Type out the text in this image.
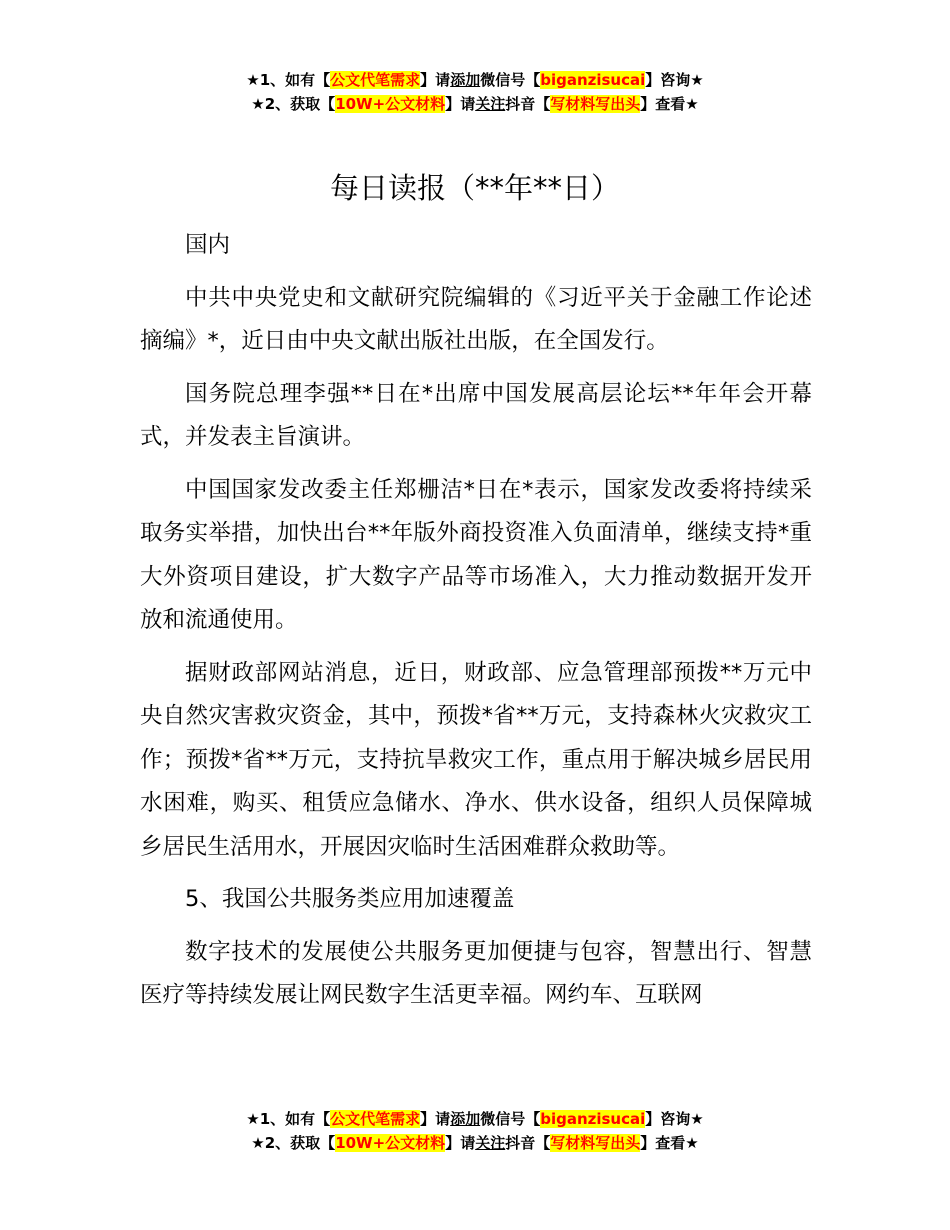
★1、如有【公文代笔需求】请添加微信号【biganzisucai】咨询★
★2、获取【10W+公文材料】请关注抖音【写材料写出头】查看★
每日读报（**年**日）

国内

中共中央党史和文献研究院编辑的《习近平关于金融工作论述摘编》*，近日由中央文献出版社出版，在全国发行。

国务院总理李强**日在*出席中国发展高层论坛**年年会开幕式，并发表主旨演讲。

中国国家发改委主任郑栅洁*日在*表示，国家发改委将持续采取务实举措，加快出台**年版外商投资准入负面清单，继续支持*重大外资项目建设，扩大数字产品等市场准入，大力推动数据开发开放和流通使用。

据财政部网站消息，近日，财政部、应急管理部预拨**万元中央自然灾害救灾资金，其中，预拨*省**万元，支持森林火灾救灾工作；预拨*省**万元，支持抗旱救灾工作，重点用于解决城乡居民用水困难，购买、租赁应急储水、净水、供水设备，组织人员保障城乡居民生活用水，开展因灾临时生活困难群众救助等。

5、我国公共服务类应用加速覆盖

数字技术的发展使公共服务更加便捷与包容，智慧出行、智慧医疗等持续发展让网民数字生活更幸福。网约车、互联网

★1、如有【公文代笔需求】请添加微信号【biganzisucai】咨询★
★2、获取【10W+公文材料】请关注抖音【写材料写出头】查看★
